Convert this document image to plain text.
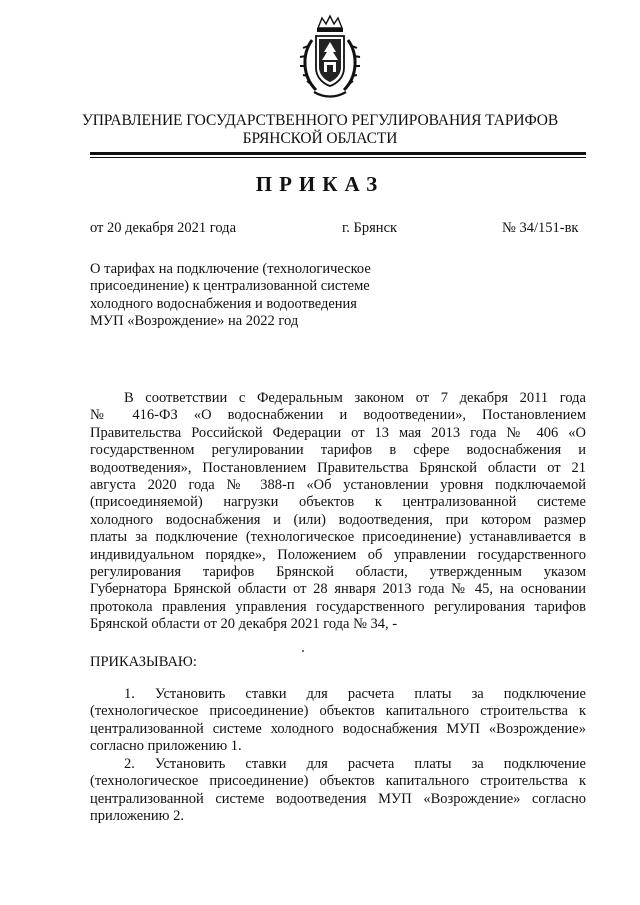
УПРАВЛЕНИЕ ГОСУДАРСТВЕННОГО РЕГУЛИРОВАНИЯ ТАРИФОВ
БРЯНСКОЙ ОБЛАСТИ
ПРИКАЗ
от 20 декабря 2021 года	г. Брянск	№ 34/151-вк
О тарифах на подключение (технологическое
присоединение) к централизованной системе
холодного водоснабжения и водоотведения
МУП «Возрождение» на 2022 год
В соответствии с Федеральным законом от 7 декабря 2011 года
№ 416-ФЗ «О водоснабжении и водоотведении», Постановлением
Правительства Российской Федерации от 13 мая 2013 года № 406 «О
государственном регулировании тарифов в сфере водоснабжения и
водоотведения», Постановлением Правительства Брянской области от 21
августа 2020 года № 388-п «Об установлении уровня подключаемой
(присоединяемой) нагрузки объектов к централизованной системе
холодного водоснабжения и (или) водоотведения, при котором размер
платы за подключение (технологическое присоединение) устанавливается в
индивидуальном порядке», Положением об управлении государственного
регулирования тарифов Брянской области, утвержденным указом
Губернатора Брянской области от 28 января 2013 года № 45, на основании
протокола правления управления государственного регулирования тарифов
Брянской области от 20 декабря 2021 года № 34, -
ПРИКАЗЫВАЮ:
1. Установить ставки для расчета платы за подключение
(технологическое присоединение) объектов капитального строительства к
централизованной системе холодного водоснабжения МУП «Возрождение»
согласно приложению 1.
2. Установить ставки для расчета платы за подключение
(технологическое присоединение) объектов капитального строительства к
централизованной системе водоотведения МУП «Возрождение» согласно
приложению 2.
